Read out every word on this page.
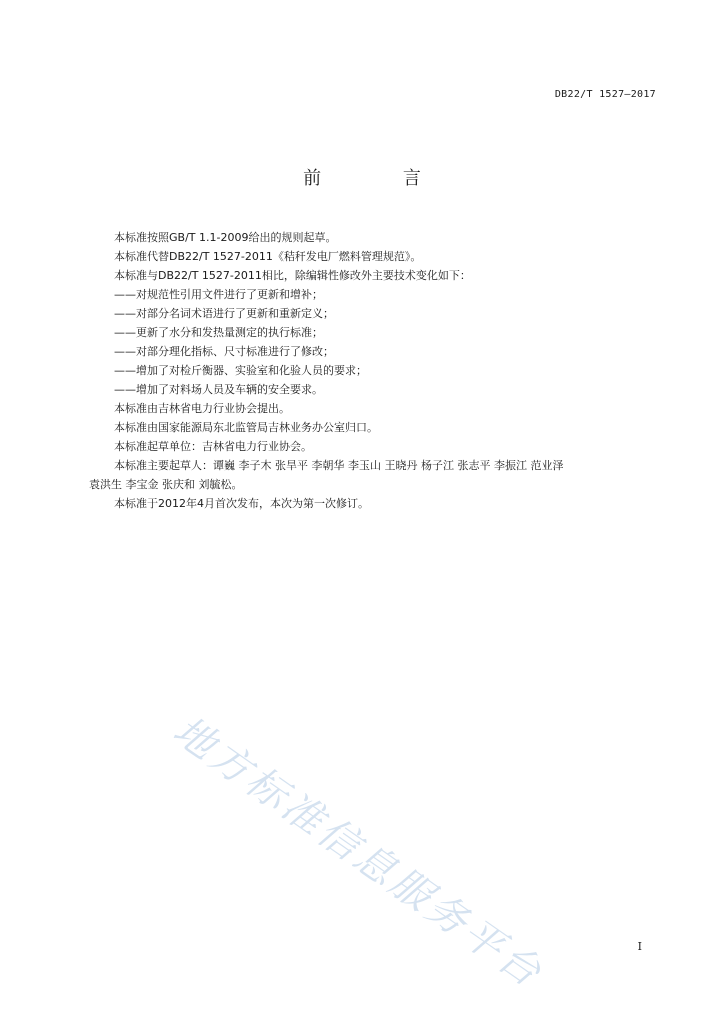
DB22/T 1527—2017
前 言

本标准按照GB/T 1.1-2009给出的规则起草。

本标准代替DB22/T 1527-2011《秸秆发电厂燃料管理规范》。

本标准与DB22/T 1527-2011相比，除编辑性修改外主要技术变化如下：

——对规范性引用文件进行了更新和增补；

——对部分名词术语进行了更新和重新定义；

——更新了水分和发热量测定的执行标准；

——对部分理化指标、尺寸标准进行了修改；

——增加了对检斤衡器、实验室和化验人员的要求；

——增加了对料场人员及车辆的安全要求。

本标准由吉林省电力行业协会提出。

本标准由国家能源局东北监管局吉林业务办公室归口。

本标准起草单位：吉林省电力行业协会。

本标准主要起草人：谭巍 李子木 张旱平 李朝华 李玉山 王晓丹 杨子江 张志平 李振江 范业泽

袁洪生 李宝金 张庆和 刘毓松。

本标准于2012年4月首次发布，本次为第一次修订。

地方标准信息服务平台	I
